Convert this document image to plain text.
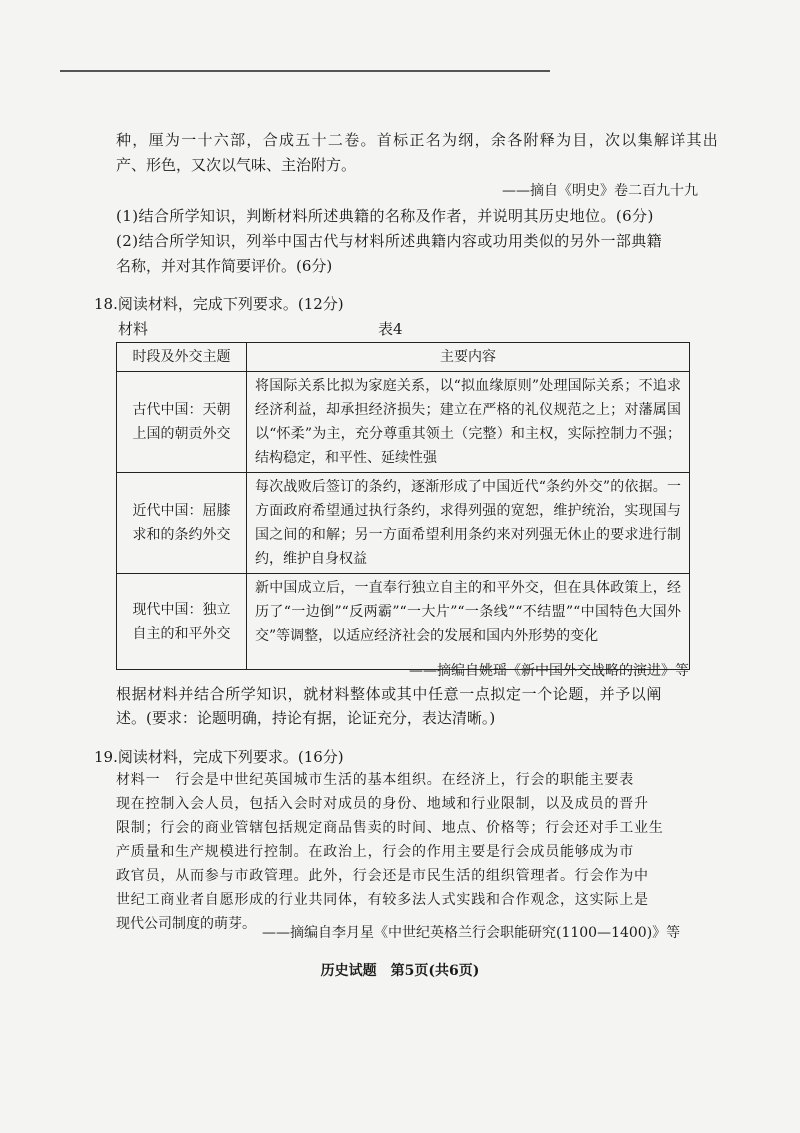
种，厘为一十六部，合成五十二卷。首标正名为纲，余各附释为目，次以集解详其出
产、形色，又次以气味、主治附方。
——摘自《明史》卷二百九十九
(1)结合所学知识，判断材料所述典籍的名称及作者，并说明其历史地位。(6分)
(2)结合所学知识，列举中国古代与材料所述典籍内容或功用类似的另外一部典籍
名称，并对其作简要评价。(6分)
18.阅读材料，完成下列要求。(12分)
材料	表4
时段及外交主题	主要内容
古代中国：天朝上国的朝贡外交	将国际关系比拟为家庭关系，以“拟血缘原则”处理国际关系；不追求经济利益，却承担经济损失；建立在严格的礼仪规范之上；对藩属国以“怀柔”为主，充分尊重其领土（完整）和主权，实际控制力不强；结构稳定，和平性、延续性强
近代中国：屈膝求和的条约外交	每次战败后签订的条约，逐渐形成了中国近代“条约外交”的依据。一方面政府希望通过执行条约，求得列强的宽恕，维护统治，实现国与国之间的和解；另一方面希望利用条约来对列强无休止的要求进行制约，维护自身权益
现代中国：独立自主的和平外交	新中国成立后，一直奉行独立自主的和平外交，但在具体政策上，经历了“一边倒”“反两霸”“一大片”“一条线”“不结盟”“中国特色大国外交”等调整，以适应经济社会的发展和国内外形势的变化
——摘编自姚瑶《新中国外交战略的演进》等
根据材料并结合所学知识，就材料整体或其中任意一点拟定一个论题，并予以阐
述。(要求：论题明确，持论有据，论证充分，表达清晰。)
19.阅读材料，完成下列要求。(16分)
材料一　行会是中世纪英国城市生活的基本组织。在经济上，行会的职能主要表
现在控制入会人员，包括入会时对成员的身份、地域和行业限制，以及成员的晋升
限制；行会的商业管辖包括规定商品售卖的时间、地点、价格等；行会还对手工业生
产质量和生产规模进行控制。在政治上，行会的作用主要是行会成员能够成为市
政官员，从而参与市政管理。此外，行会还是市民生活的组织管理者。行会作为中
世纪工商业者自愿形成的行业共同体，有较多法人式实践和合作观念，这实际上是
现代公司制度的萌芽。
——摘编自李月星《中世纪英格兰行会职能研究(1100—1400)》等
历史试题　第5页(共6页)
